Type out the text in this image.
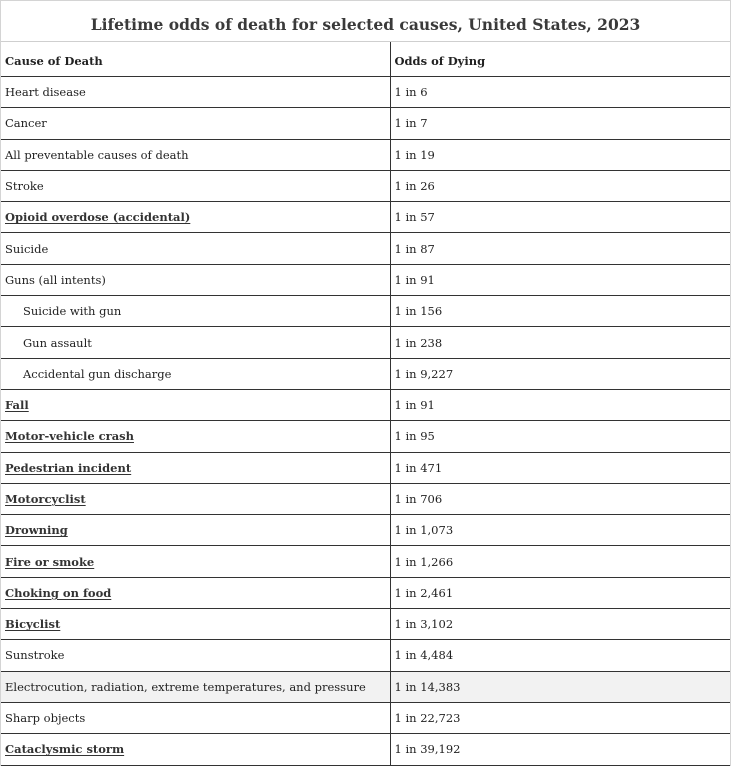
Lifetime odds of death for selected causes, United States, 2023
Cause of Death	Odds of Dying
Heart disease	1 in 6
Cancer	1 in 7
All preventable causes of death	1 in 19
Stroke	1 in 26
Opioid overdose (accidental)	1 in 57
Suicide	1 in 87
Guns (all intents)	1 in 91
Suicide with gun	1 in 156
Gun assault	1 in 238
Accidental gun discharge	1 in 9,227
Fall	1 in 91
Motor-vehicle crash	1 in 95
Pedestrian incident	1 in 471
Motorcyclist	1 in 706
Drowning	1 in 1,073
Fire or smoke	1 in 1,266
Choking on food	1 in 2,461
Bicyclist	1 in 3,102
Sunstroke	1 in 4,484
Electrocution, radiation, extreme temperatures, and pressure	1 in 14,383
Sharp objects	1 in 22,723
Cataclysmic storm	1 in 39,192
